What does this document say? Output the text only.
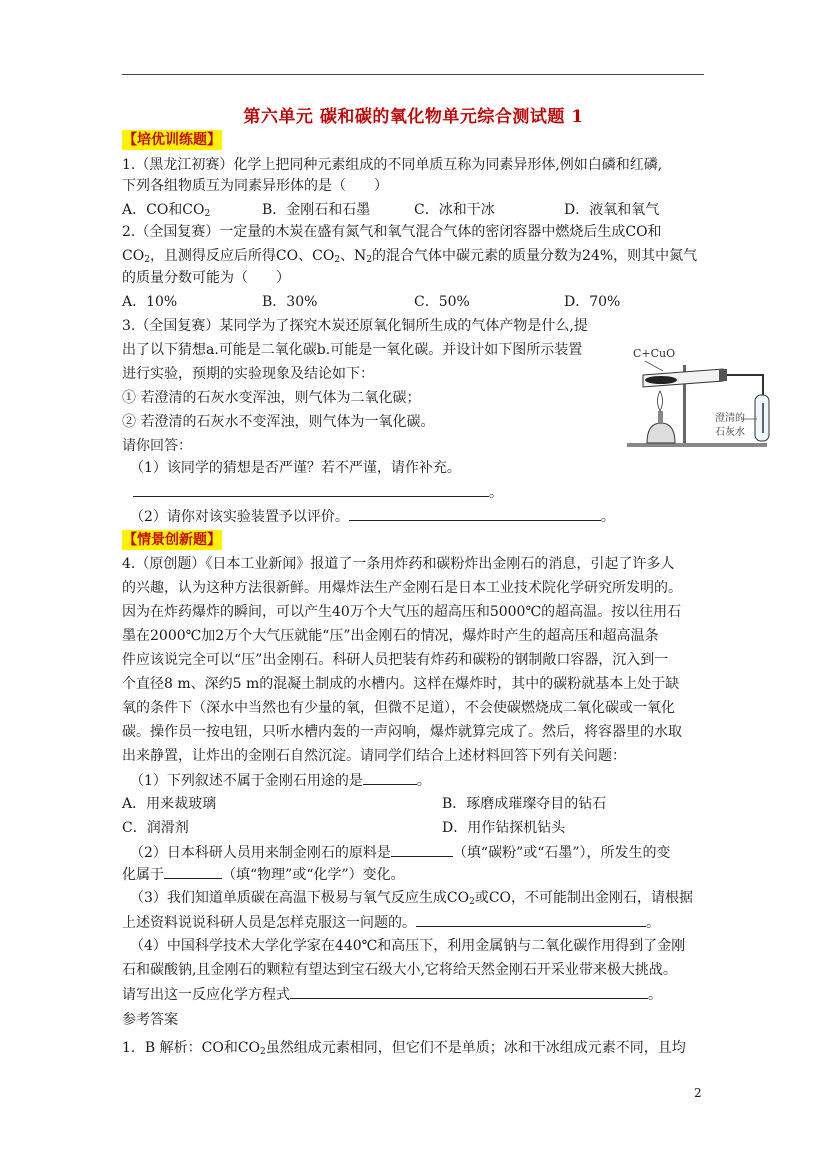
第六单元 碳和碳的氧化物单元综合测试题 1
【培优训练题】
1.（黑龙江初赛）化学上把同种元素组成的不同单质互称为同素异形体,例如白磷和红磷,
下列各组物质互为同素异形体的是（　　）
A．CO和$CO_2$	B．金刚石和石墨	C．冰和干冰	D．液氧和氧气
2.（全国复赛）一定量的木炭在盛有氮气和氧气混合气体的密闭容器中燃烧后生成CO和
$CO_2$，且测得反应后所得CO、$CO_2$、$N_2$的混合气体中碳元素的质量分数为24%，则其中氮气
的质量分数可能为（　　）
A．10%	B．30%	C．50%	D．70%
3.（全国复赛）某同学为了探究木炭还原氧化铜所生成的气体产物是什么,提
出了以下猜想a.可能是二氧化碳b.可能是一氧化碳。并设计如下图所示装置
进行实验，预期的实验现象及结论如下：
① 若澄清的石灰水变浑浊，则气体为二氧化碳；
② 若澄清的石灰水不变浑浊，则气体为一氧化碳。
请你回答：
（1）该同学的猜想是否严谨？若不严谨，请作补充。
。
（2）请你对该实验装置予以评价。	。
C+CuO
澄清的
石灰水
【情景创新题】
4.（原创题）《日本工业新闻》报道了一条用炸药和碳粉炸出金刚石的消息，引起了许多人
的兴趣，认为这种方法很新鲜。用爆炸法生产金刚石是日本工业技术院化学研究所发明的。
因为在炸药爆炸的瞬间，可以产生40万个大气压的超高压和5000℃的超高温。按以往用石
墨在2000℃加2万个大气压就能“压”出金刚石的情况，爆炸时产生的超高压和超高温条
件应该说完全可以“压”出金刚石。科研人员把装有炸药和碳粉的钢制敞口容器，沉入到一
个直径8 m、深约5 m的混凝土制成的水槽内。这样在爆炸时，其中的碳粉就基本上处于缺
氧的条件下（深水中当然也有少量的氧，但微不足道），不会使碳燃烧成二氧化碳或一氧化
碳。操作员一按电钮，只听水槽内轰的一声闷响，爆炸就算完成了。然后，将容器里的水取
出来静置，让炸出的金刚石自然沉淀。请同学们结合上述材料回答下列有关问题：
（1）下列叙述不属于金刚石用途的是	。
A．用来裁玻璃	B．琢磨成璀璨夺目的钻石
C．润滑剂	D．用作钻探机钻头
（2）日本科研人员用来制金刚石的原料是	（填“碳粉”或“石墨”），所发生的变
化属于	（填“物理”或“化学”）变化。
（3）我们知道单质碳在高温下极易与氧气反应生成$CO_2$或CO，不可能制出金刚石，请根据
上述资料说说科研人员是怎样克服这一问题的。	。
（4）中国科学技术大学化学家在440℃和高压下，利用金属钠与二氧化碳作用得到了金刚
石和碳酸钠,且金刚石的颗粒有望达到宝石级大小,它将给天然金刚石开采业带来极大挑战。
请写出这一反应化学方程式	。
参考答案
1．B 解析：CO和$CO_2$虽然组成元素相同，但它们不是单质；冰和干冰组成元素不同，且均
2
